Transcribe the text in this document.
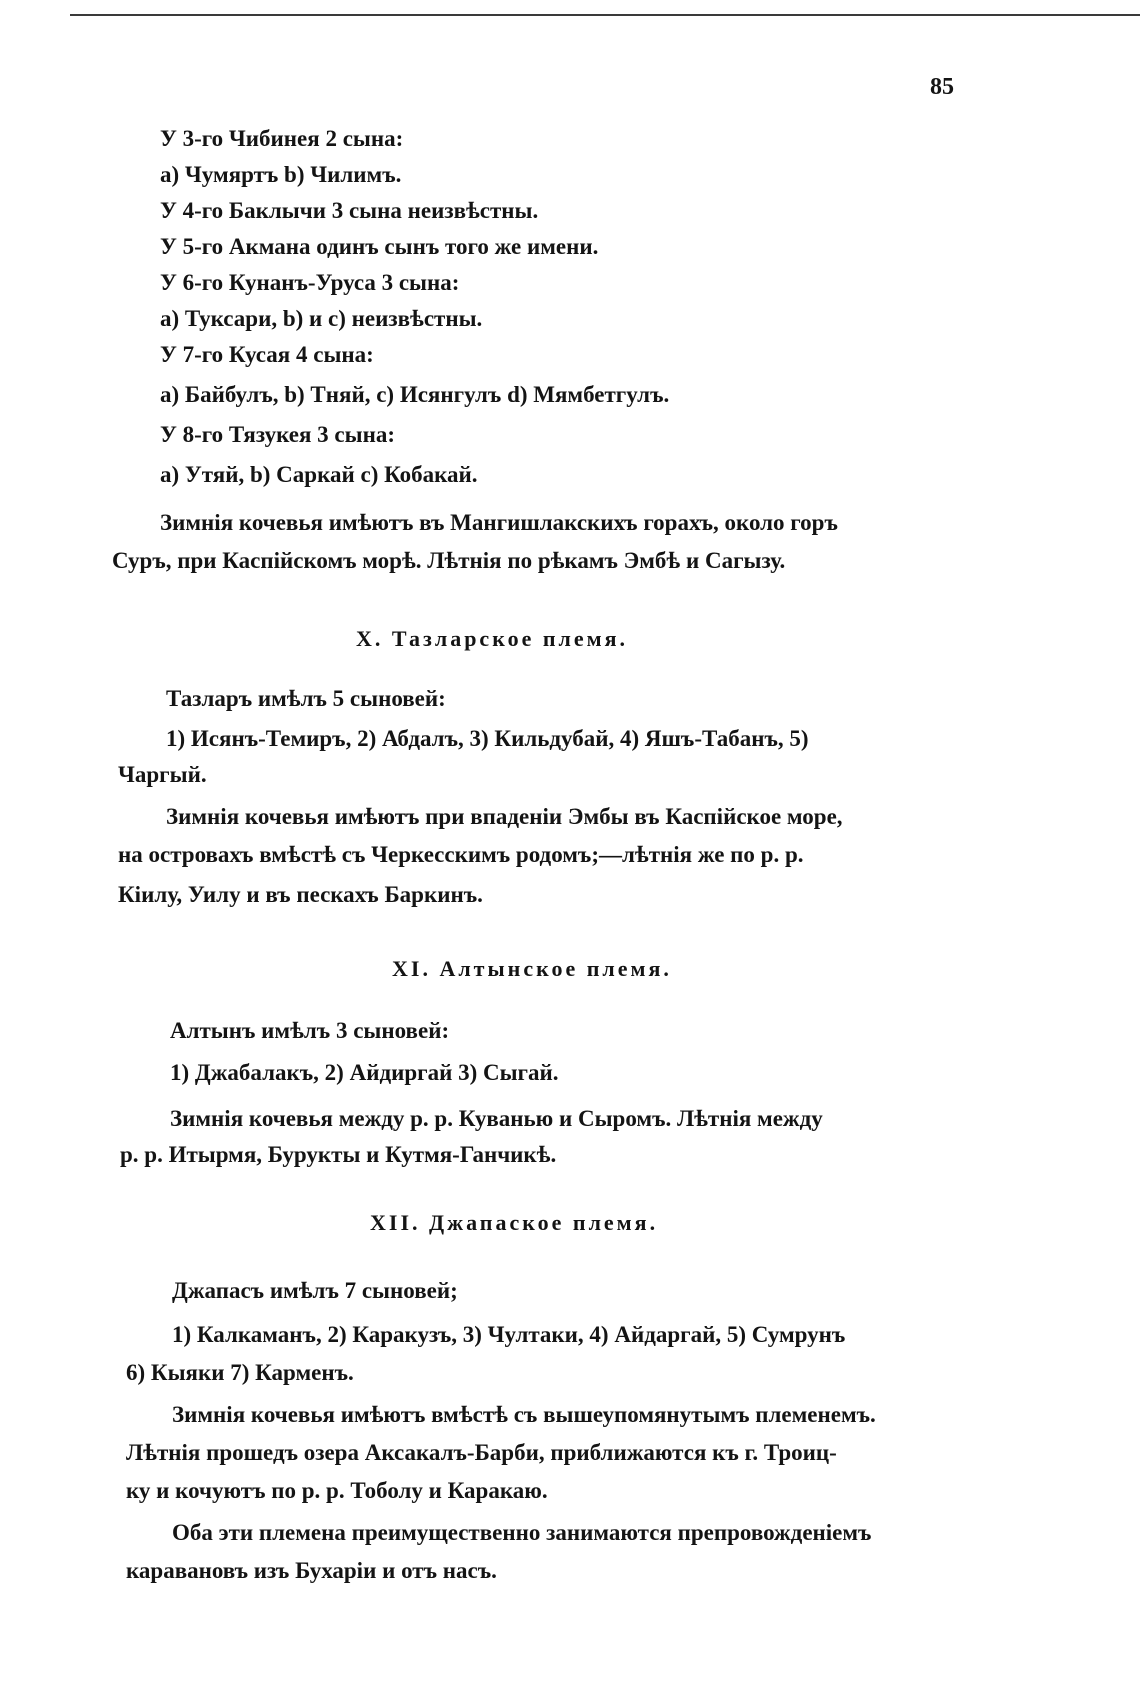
85
У 3-го Чибинея 2 сына:
a) Чумяртъ b) Чилимъ.
У 4-го Баклычи 3 сына неизвѣстны.
У 5-го Акмана одинъ сынъ того же имени.
У 6-го Кунанъ-Уруса 3 сына:
a) Туксари, b) и c) неизвѣстны.
У 7-го Кусая 4 сына:
a) Байбулъ, b) Тняй, c) Исянгулъ d) Мямбетгулъ.
У 8-го Тязукея 3 сына:
a) Утяй, b) Саркай c) Кобакай.
Зимнія кочевья имѣютъ въ Мангишлакскихъ горахъ, около горъ
Суръ, при Каспійскомъ морѣ. Лѣтнія по рѣкамъ Эмбѣ и Сагызу.
X. Тазларское племя.
Тазларъ имѣлъ 5 сыновей:
1) Исянъ-Темиръ, 2) Абдалъ, 3) Кильдубай, 4) Яшъ-Табанъ, 5)
Чаргый.
Зимнія кочевья имѣютъ при впаденіи Эмбы въ Каспійское море,
на островахъ вмѣстѣ съ Черкесскимъ родомъ;—лѣтнія же по р. р.
Кіилу, Уилу и въ пескахъ Баркинъ.
XI. Алтынское племя.
Алтынъ имѣлъ 3 сыновей:
1) Джабалакъ, 2) Айдиргай 3) Сыгай.
Зимнія кочевья между р. р. Куванью и Сыромъ. Лѣтнія между
р. р. Итырмя, Бурукты и Кутмя-Ганчикѣ.
XII. Джапаское племя.
Джапасъ имѣлъ 7 сыновей;
1) Калкаманъ, 2) Каракузъ, 3) Чултаки, 4) Айдаргай, 5) Сумрунъ
6) Кыяки 7) Карменъ.
Зимнія кочевья имѣютъ вмѣстѣ съ вышеупомянутымъ племенемъ.
Лѣтнія прошедъ озера Аксакалъ-Барби, приближаются къ г. Троиц-
ку и кочуютъ по р. р. Тоболу и Каракаю.
Оба эти племена преимущественно занимаются препровожденіемъ
каравановъ изъ Бухаріи и отъ насъ.
